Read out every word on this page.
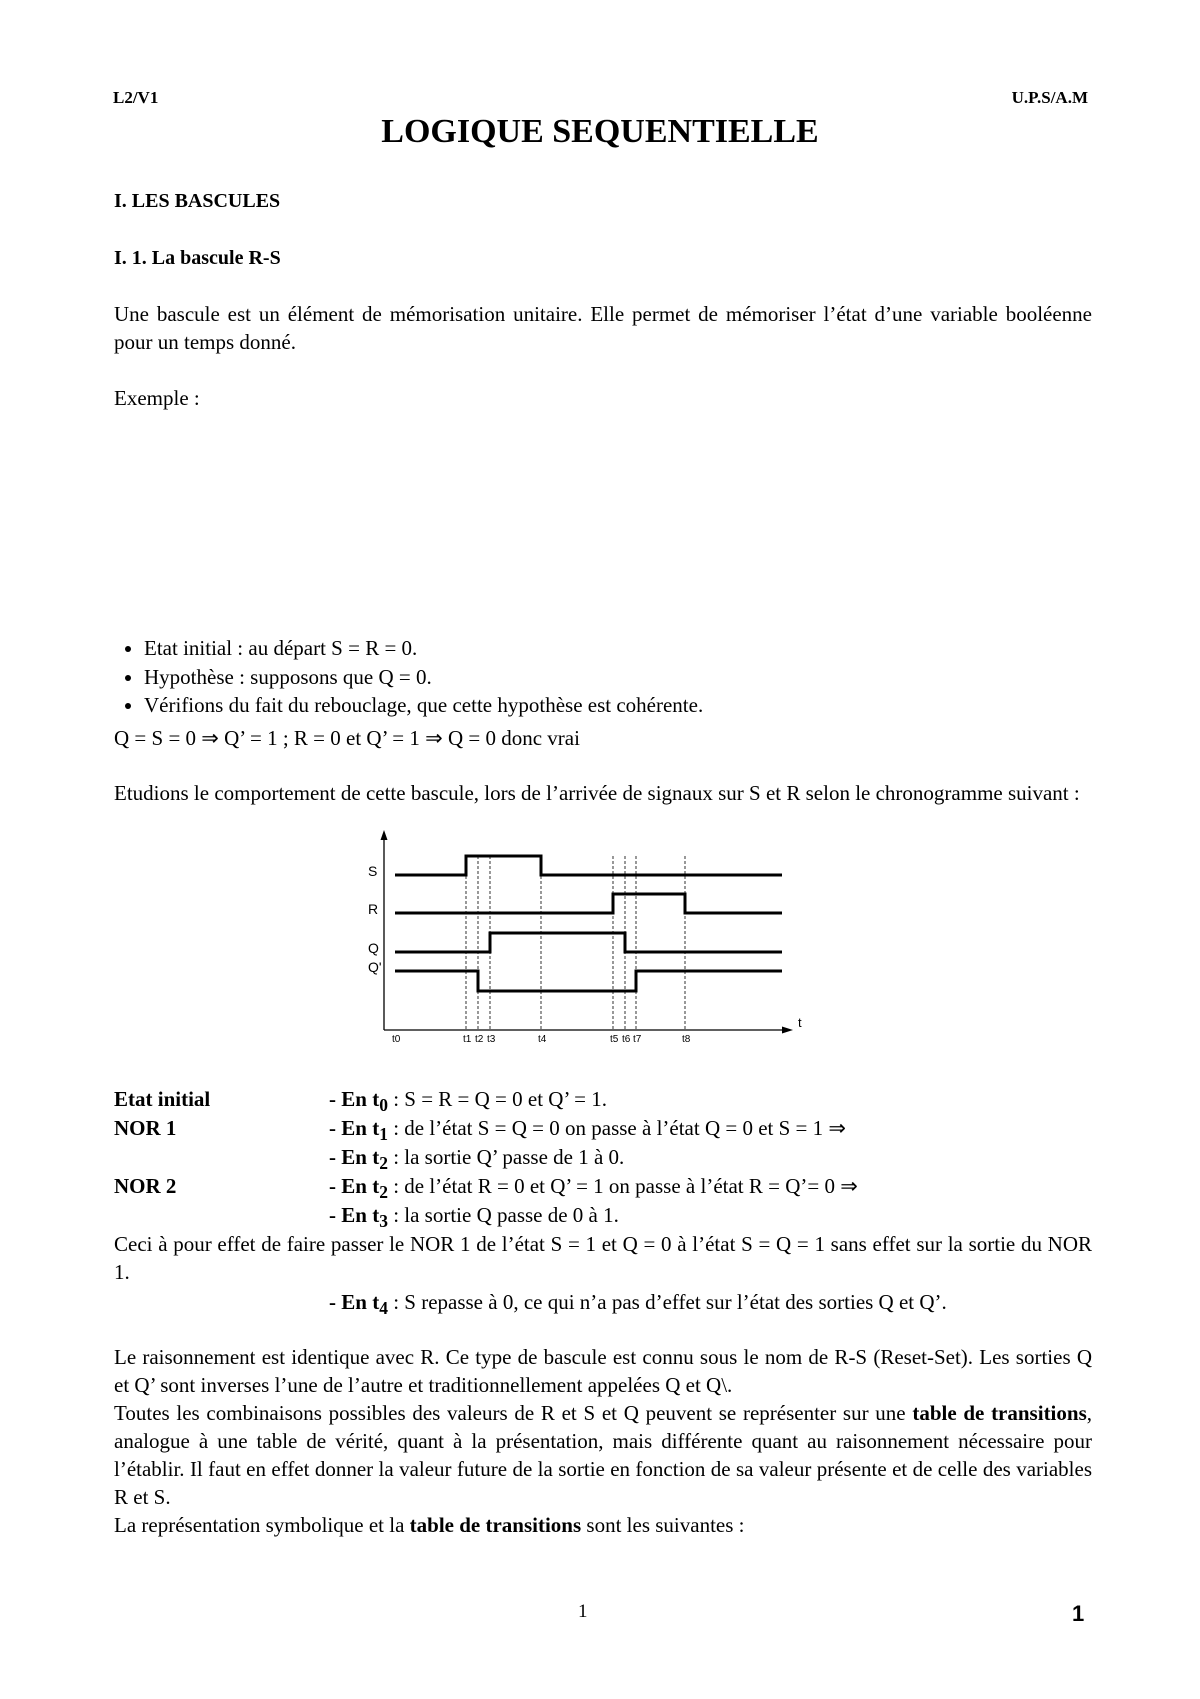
L2/V1	U.P.S/A.M
LOGIQUE SEQUENTIELLE
I. LES BASCULES
I. 1. La bascule R-S
Une bascule est un élément de mémorisation unitaire. Elle permet de mémoriser l’état d’une variable booléenne pour un temps donné.
Exemple :
• Etat initial : au départ S = R = 0.
• Hypothèse : supposons que Q = 0.
• Vérifions du fait du rebouclage, que cette hypothèse est cohérente.
Q = S = 0 ⇒ Q’ = 1 ; R = 0 et Q’ = 1 ⇒ Q = 0 donc vrai
Etudions le comportement de cette bascule, lors de l’arrivée de signaux sur S et R selon le chronogramme suivant :
t
S
R
Q
Q'
t0	t1 t2 t3	t4	t5 t6 t7	t8
Etat initial	- En $t_0$ : S = R = Q = 0 et Q’ = 1.
NOR 1	- En $t_1$ : de l’état S = Q = 0 on passe à l’état Q = 0 et S = 1 ⇒
- En $t_2$ : la sortie Q’ passe de 1 à 0.
NOR 2	- En $t_2$ : de l’état R = 0 et Q’ = 1 on passe à l’état R = Q’= 0 ⇒
- En $t_3$ : la sortie Q passe de 0 à 1.
Ceci à pour effet de faire passer le NOR 1 de l’état S = 1 et Q = 0 à l’état S = Q = 1 sans effet sur la sortie du NOR 1.
- En $t_4$ : S repasse à 0, ce qui n’a pas d’effet sur l’état des sorties Q et Q’.
Le raisonnement est identique avec R. Ce type de bascule est connu sous le nom de R-S (Reset-Set). Les sorties Q et Q’ sont inverses l’une de l’autre et traditionnellement appelées Q et Q\.
Toutes les combinaisons possibles des valeurs de R et S et Q peuvent se représenter sur une table de transitions, analogue à une table de vérité, quant à la présentation, mais différente quant au raisonnement nécessaire pour l’établir. Il faut en effet donner la valeur future de la sortie en fonction de sa valeur présente et de celle des variables R et S.
La représentation symbolique et la table de transitions sont les suivantes :
1	1
